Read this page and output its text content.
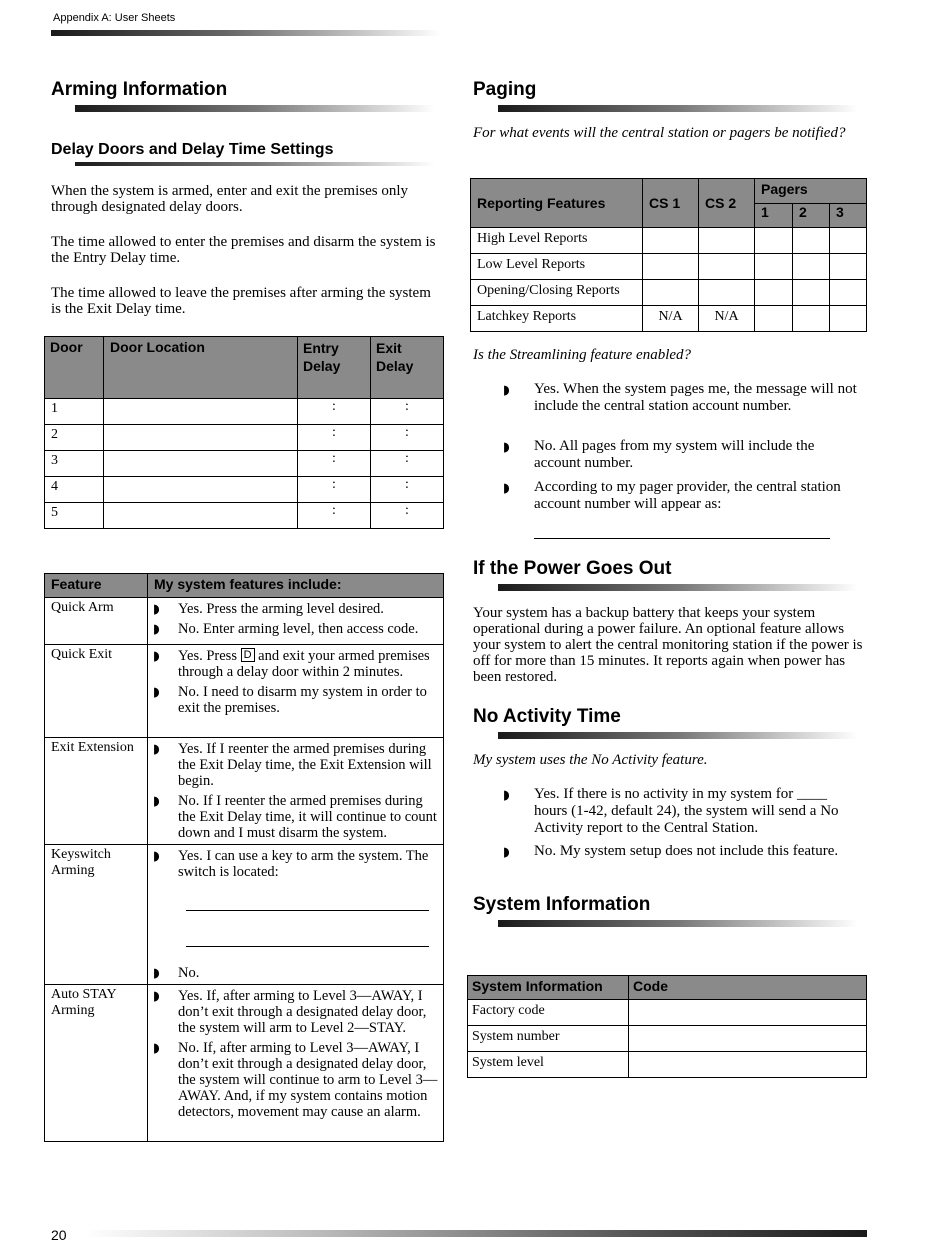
Appendix A: User Sheets
Arming Information
Delay Doors and Delay Time Settings
When the system is armed, enter and exit the premises only through designated delay doors.
The time allowed to enter the premises and disarm the system is the Entry Delay time.
The time allowed to leave the premises after arming the system is the Exit Delay time.
Door	Door Location	Entry Delay	Exit Delay
1		:	:
2		:	:
3		:	:
4		:	:
5		:	:
Feature	My system features include:
Quick Arm	◗ Yes. Press the arming level desired.
◗ No. Enter arming level, then access code.

Quick Exit	◗ Yes. Press D and exit your armed premises through a delay door within 2 minutes.
◗ No. I need to disarm my system in order to exit the premises.

Exit Extension	◗ Yes. If I reenter the armed premises during the Exit Delay time, the Exit Extension will begin.
◗ No. If I reenter the armed premises during the Exit Delay time, it will continue to count down and I must disarm the system.

Keyswitch Arming	◗ Yes. I can use a key to arm the system. The switch is located:
◗ No.

Auto STAY Arming	◗ Yes. If, after arming to Level 3—AWAY, I don’t exit through a designated delay door, the system will arm to Level 2—STAY.
◗ No. If, after arming to Level 3—AWAY, I don’t exit through a designated delay door, the system will continue to arm to Level 3—AWAY. And, if my system contains motion detectors, movement may cause an alarm.
Paging
For what events will the central station or pagers be notified?
Reporting Features	CS 1	CS 2	Pagers		
			1	2	3
High Level Reports					
Low Level Reports					
Opening/Closing Reports					
Latchkey Reports	N/A	N/A			
Is the Streamlining feature enabled?
◗ Yes. When the system pages me, the message will not include the central station account number.
◗ No. All pages from my system will include the account number.
◗ According to my pager provider, the central station account number will appear as:
If the Power Goes Out
Your system has a backup battery that keeps your system operational during a power failure. An optional feature allows your system to alert the central monitoring station if the power is off for more than 15 minutes. It reports again when power has been restored.
No Activity Time
My system uses the No Activity feature.
◗ Yes. If there is no activity in my system for ____ hours (1-42, default 24), the system will send a No Activity report to the Central Station.
◗ No. My system setup does not include this feature.
System Information
System Information	Code
Factory code	
System number	
System level	
20
